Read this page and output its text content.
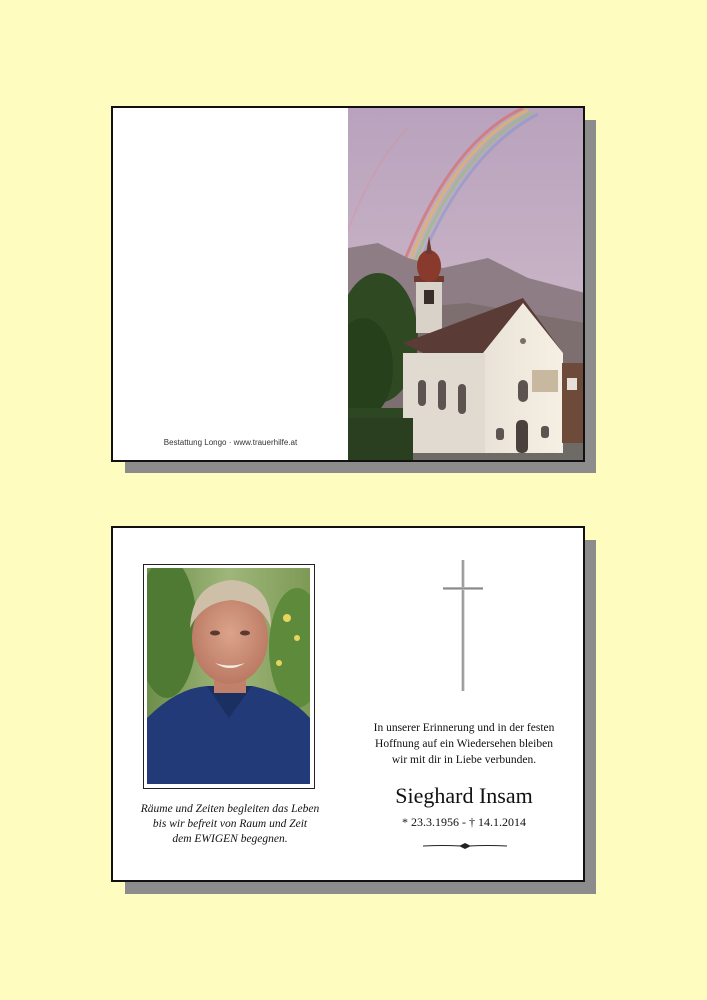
Bestattung Longo · www.trauerhilfe.at
Räume und Zeiten begleiten das Leben
bis wir befreit von Raum und Zeit
dem EWIGEN begegnen.
In unserer Erinnerung und in der festen
Hoffnung auf ein Wiedersehen bleiben
wir mit dir in Liebe verbunden.
Sieghard Insam
* 23.3.1956 - † 14.1.2014
